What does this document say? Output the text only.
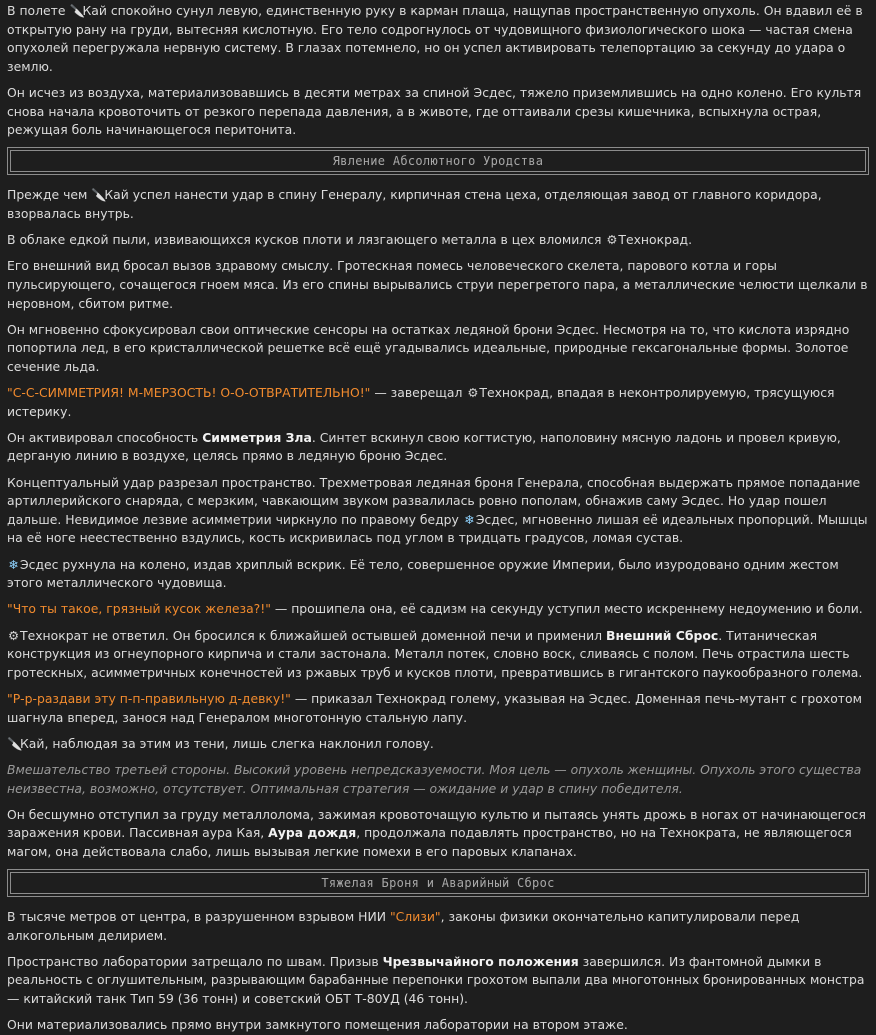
В полете 🔪Кай спокойно сунул левую, единственную руку в карман плаща, нащупав пространственную опухоль. Он вдавил её в открытую рану на груди, вытесняя кислотную. Его тело содрогнулось от чудовищного физиологического шока — частая смена опухолей перегружала нервную систему. В глазах потемнело, но он успел активировать телепортацию за секунду до удара о землю.

Он исчез из воздуха, материализовавшись в десяти метрах за спиной Эсдес, тяжело приземлившись на одно колено. Его культя снова начала кровоточить от резкого перепада давления, а в животе, где оттаивали срезы кишечника, вспыхнула острая, режущая боль начинающегося перитонита.

Явление Абсолютного Уродства

Прежде чем 🔪Кай успел нанести удар в спину Генералу, кирпичная стена цеха, отделяющая завод от главного коридора, взорвалась внутрь.

В облаке едкой пыли, извивающихся кусков плоти и лязгающего металла в цех вломился ⚙Технокрад.

Его внешний вид бросал вызов здравому смыслу. Гротескная помесь человеческого скелета, парового котла и горы пульсирующего, сочащегося гноем мяса. Из его спины вырывались струи перегретого пара, а металлические челюсти щелкали в неровном, сбитом ритме.

Он мгновенно сфокусировал свои оптические сенсоры на остатках ледяной брони Эсдес. Несмотря на то, что кислота изрядно попортила лед, в его кристаллической решетке всё ещё угадывались идеальные, природные гексагональные формы. Золотое сечение льда.

"С-С-СИММЕТРИЯ! М-МЕРЗОСТЬ! О-О-ОТВРАТИТЕЛЬНО!" — заверещал ⚙Технокрад, впадая в неконтролируемую, трясущуюся истерику.

Он активировал способность Симметрия Зла. Синтет вскинул свою когтистую, наполовину мясную ладонь и провел кривую, дерганую линию в воздухе, целясь прямо в ледяную броню Эсдес.

Концептуальный удар разрезал пространство. Трехметровая ледяная броня Генерала, способная выдержать прямое попадание артиллерийского снаряда, с мерзким, чавкающим звуком развалилась ровно пополам, обнажив саму Эсдес. Но удар пошел дальше. Невидимое лезвие асимметрии чиркнуло по правому бедру ❄Эсдес, мгновенно лишая её идеальных пропорций. Мышцы на её ноге неестественно вздулись, кость искривилась под углом в тридцать градусов, ломая сустав.

❄Эсдес рухнула на колено, издав хриплый вскрик. Её тело, совершенное оружие Империи, было изуродовано одним жестом этого металлического чудовища.

"Что ты такое, грязный кусок железа?!" — прошипела она, её садизм на секунду уступил место искреннему недоумению и боли.

⚙Технократ не ответил. Он бросился к ближайшей остывшей доменной печи и применил Внешний Сброс. Титаническая конструкция из огнеупорного кирпича и стали застонала. Металл потек, словно воск, сливаясь с полом. Печь отрастила шесть гротескных, асимметричных конечностей из ржавых труб и кусков плоти, превратившись в гигантского паукообразного голема.

"Р-р-раздави эту п-п-правильную д-девку!" — приказал Технокрад голему, указывая на Эсдес. Доменная печь-мутант с грохотом шагнула вперед, занося над Генералом многотонную стальную лапу.

🔪Кай, наблюдая за этим из тени, лишь слегка наклонил голову.

Вмешательство третьей стороны. Высокий уровень непредсказуемости. Моя цель — опухоль женщины. Опухоль этого существа неизвестна, возможно, отсутствует. Оптимальная стратегия — ожидание и удар в спину победителя.

Он бесшумно отступил за груду металлолома, зажимая кровоточащую культю и пытаясь унять дрожь в ногах от начинающегося заражения крови. Пассивная аура Кая, Аура дождя, продолжала подавлять пространство, но на Технократа, не являющегося магом, она действовала слабо, лишь вызывая легкие помехи в его паровых клапанах.

Тяжелая Броня и Аварийный Сброс

В тысяче метров от центра, в разрушенном взрывом НИИ "Слизи", законы физики окончательно капитулировали перед алкогольным делирием.

Пространство лаборатории затрещало по швам. Призыв Чрезвычайного положения завершился. Из фантомной дымки в реальность с оглушительным, разрывающим барабанные перепонки грохотом выпали два многотонных бронированных монстра — китайский танк Тип 59 (36 тонн) и советский ОБТ Т-80УД (46 тонн).

Они материализовались прямо внутри замкнутого помещения лаборатории на втором этаже.
